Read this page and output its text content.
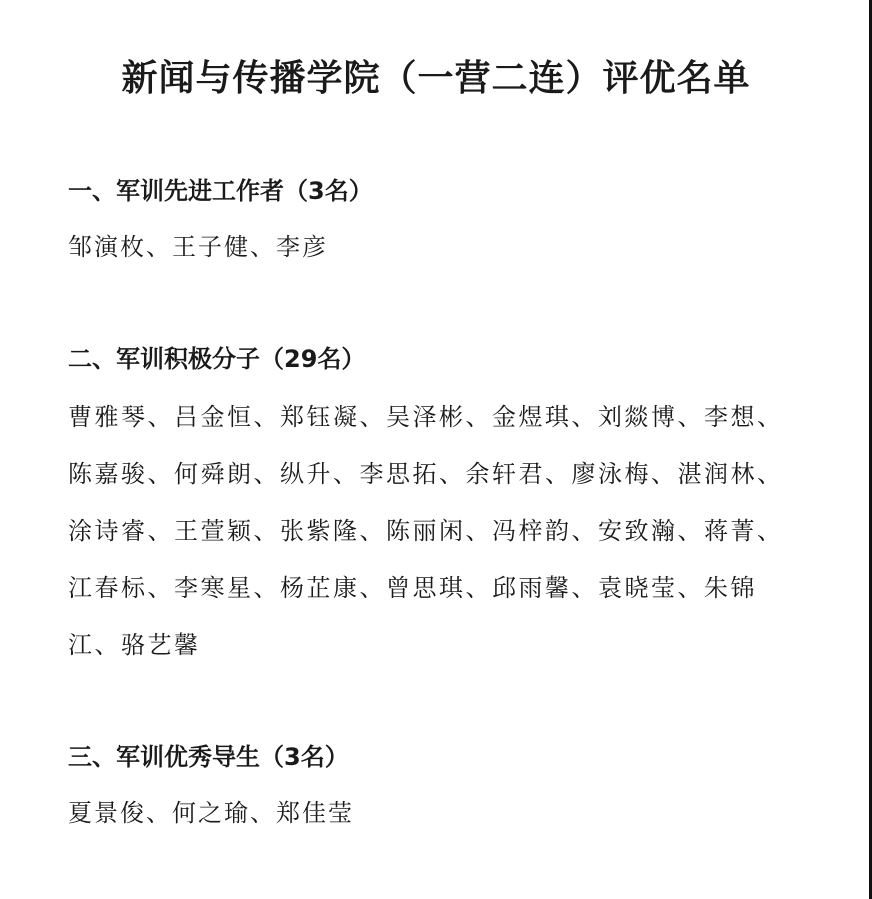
新闻与传播学院（一营二连）评优名单
一、军训先进工作者（3名）
邹演枚、王子健、李彦
二、军训积极分子（29名）
曹雅琴、吕金恒、郑钰凝、吴泽彬、金煜琪、刘燚博、李想、
陈嘉骏、何舜朗、纵升、李思拓、余轩君、廖泳梅、湛润林、
涂诗睿、王萱颖、张紫隆、陈丽闲、冯梓韵、安致瀚、蒋菁、
江春标、李寒星、杨芷康、曾思琪、邱雨馨、袁晓莹、朱锦
江、骆艺馨
三、军训优秀导生（3名）
夏景俊、何之瑜、郑佳莹
